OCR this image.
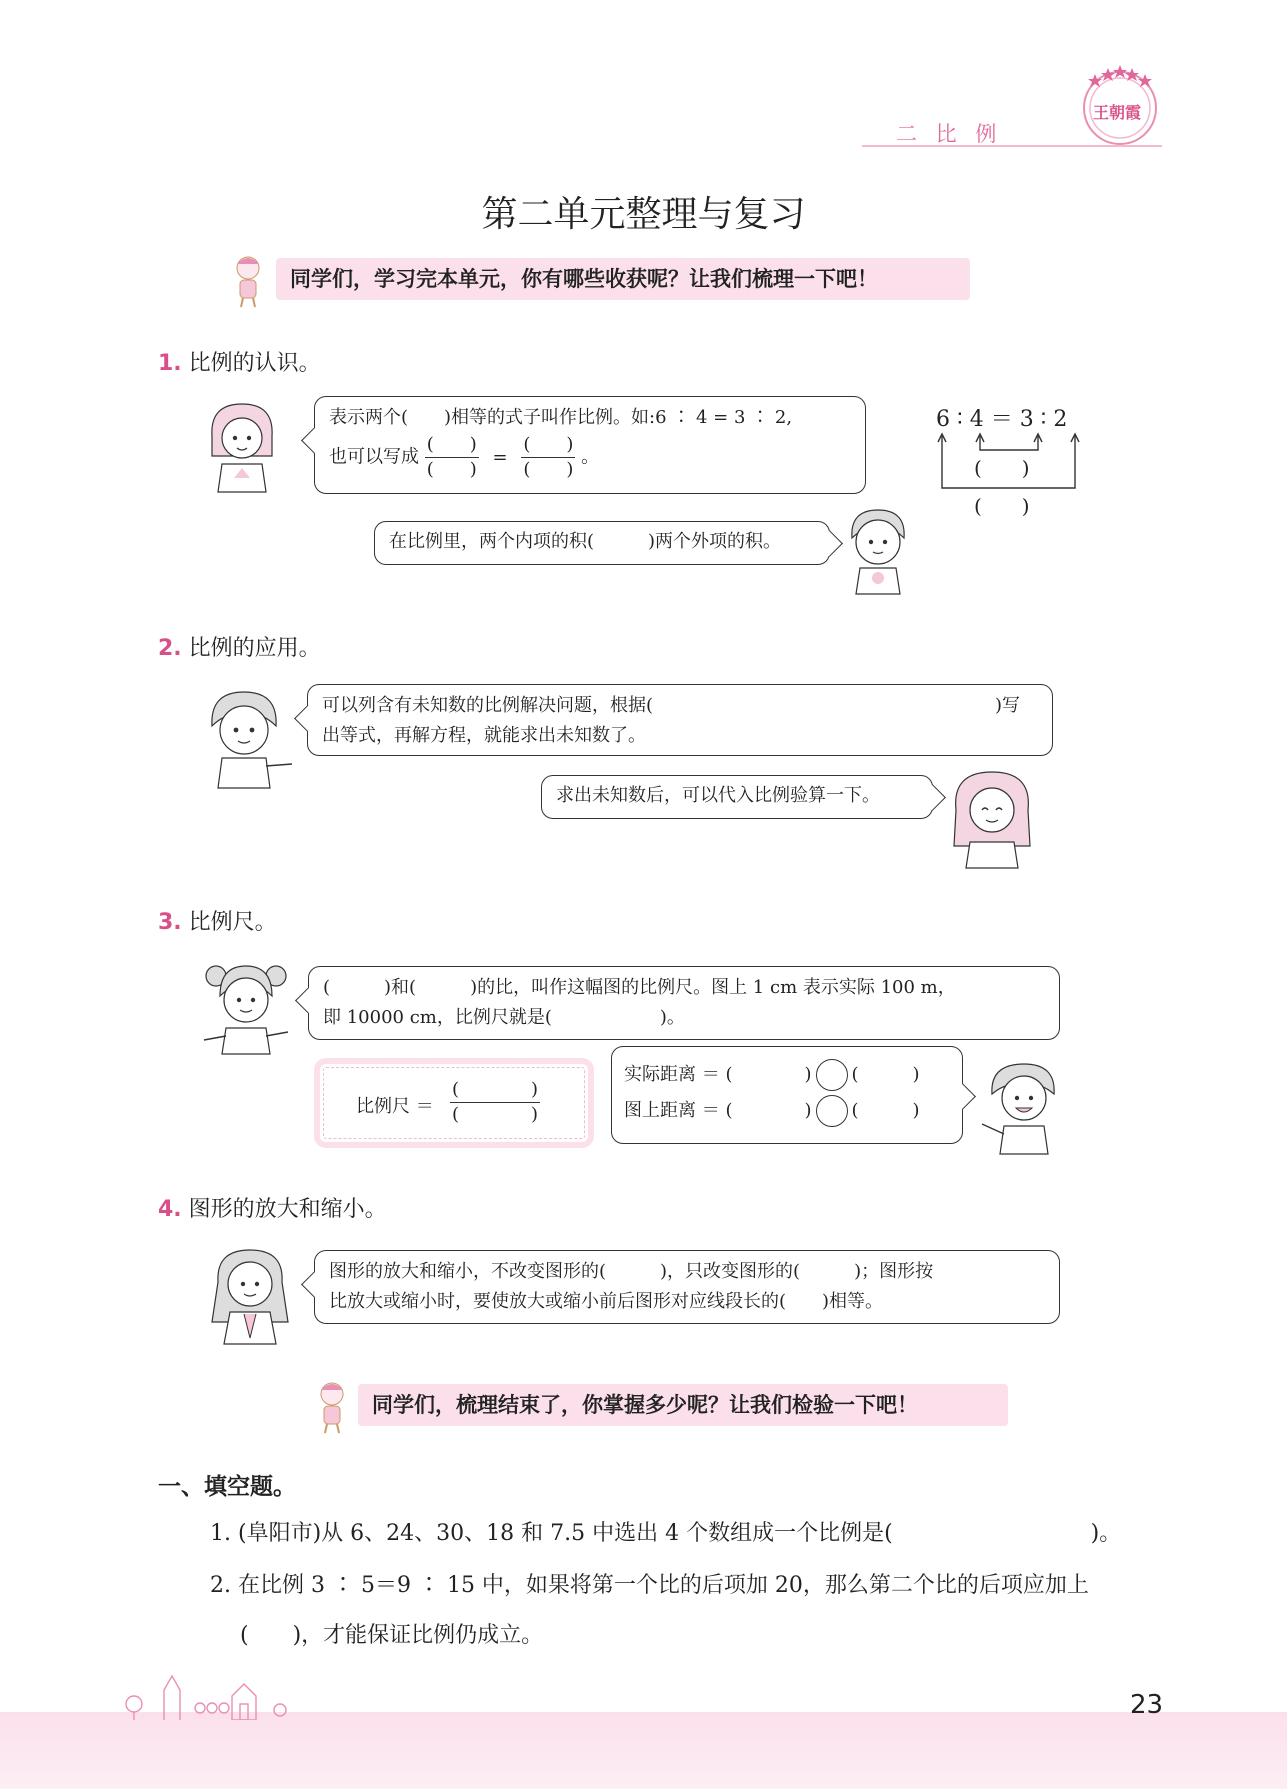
二 比 例
王朝霞
第二单元整理与复习
同学们，学习完本单元，你有哪些收获呢？让我们梳理一下吧！
1. 比例的认识。
表示两个(　　)相等的式子叫作比例。如:6 ∶ 4 = 3 ∶ 2,
也可以写成 $\frac{( )}{( )} = \frac{( )}{( )}$ 。
6 ∶ 4 ＝ 3 ∶ 2
(　　)
(　　)
在比例里，两个内项的积(　　　)两个外项的积。
2. 比例的应用。
可以列含有未知数的比例解决问题，根据(　　　　　　　　　　　　　　　　　　　)写
出等式，再解方程，就能求出未知数了。
求出未知数后，可以代入比例验算一下。
3. 比例尺。
(　　　)和(　　　)的比，叫作这幅图的比例尺。图上 1 cm 表示实际 100 m，
即 10000 cm，比例尺就是(　　　　　　)。
比例尺 ＝
(　　　　)
(　　　　)
实际距离 ＝ (	) (　　　)
图上距离 ＝ (	) (　　　)
4. 图形的放大和缩小。
图形的放大和缩小，不改变图形的(　　　)，只改变图形的(　　　)；图形按
比放大或缩小时，要使放大或缩小前后图形对应线段长的(　　)相等。
同学们，梳理结束了，你掌握多少呢？让我们检验一下吧！
一、填空题。
1. (阜阳市)从 6、24、30、18 和 7.5 中选出 4 个数组成一个比例是(　　　　　　　　　)。
2. 在比例 3 ∶ 5＝9 ∶ 15 中，如果将第一个比的后项加 20，那么第二个比的后项应加上
(　　)，才能保证比例仍成立。
23
